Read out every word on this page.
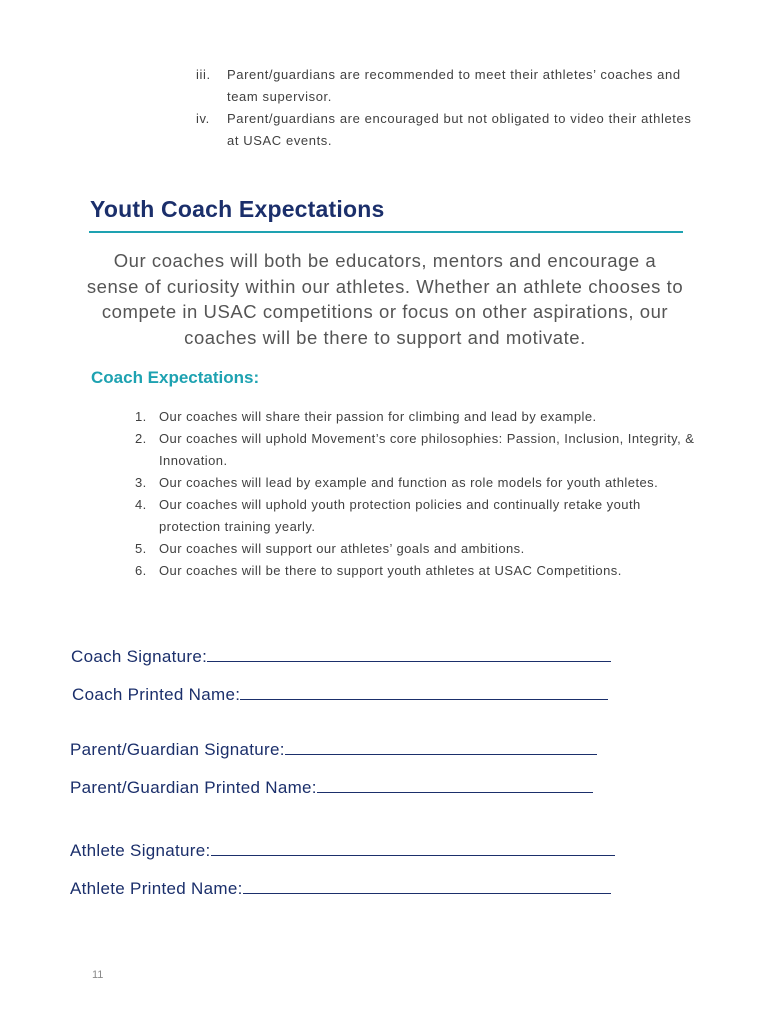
iii. Parent/guardians are recommended to meet their athletes’ coaches and team supervisor.
iv. Parent/guardians are encouraged but not obligated to video their athletes at USAC events.
Youth Coach Expectations

Our coaches will both be educators, mentors and encourage a sense of curiosity within our athletes. Whether an athlete chooses to compete in USAC competitions or focus on other aspirations, our coaches will be there to support and motivate.

Coach Expectations:
1. Our coaches will share their passion for climbing and lead by example.
2. Our coaches will uphold Movement’s core philosophies: Passion, Inclusion, Integrity, & Innovation.
3. Our coaches will lead by example and function as role models for youth athletes.
4. Our coaches will uphold youth protection policies and continually retake youth protection training yearly.
5. Our coaches will support our athletes’ goals and ambitions.
6. Our coaches will be there to support youth athletes at USAC Competitions.
Coach Signature:
Coach Printed Name:
Parent/Guardian Signature:
Parent/Guardian Printed Name:
Athlete Signature:
Athlete Printed Name:
11
